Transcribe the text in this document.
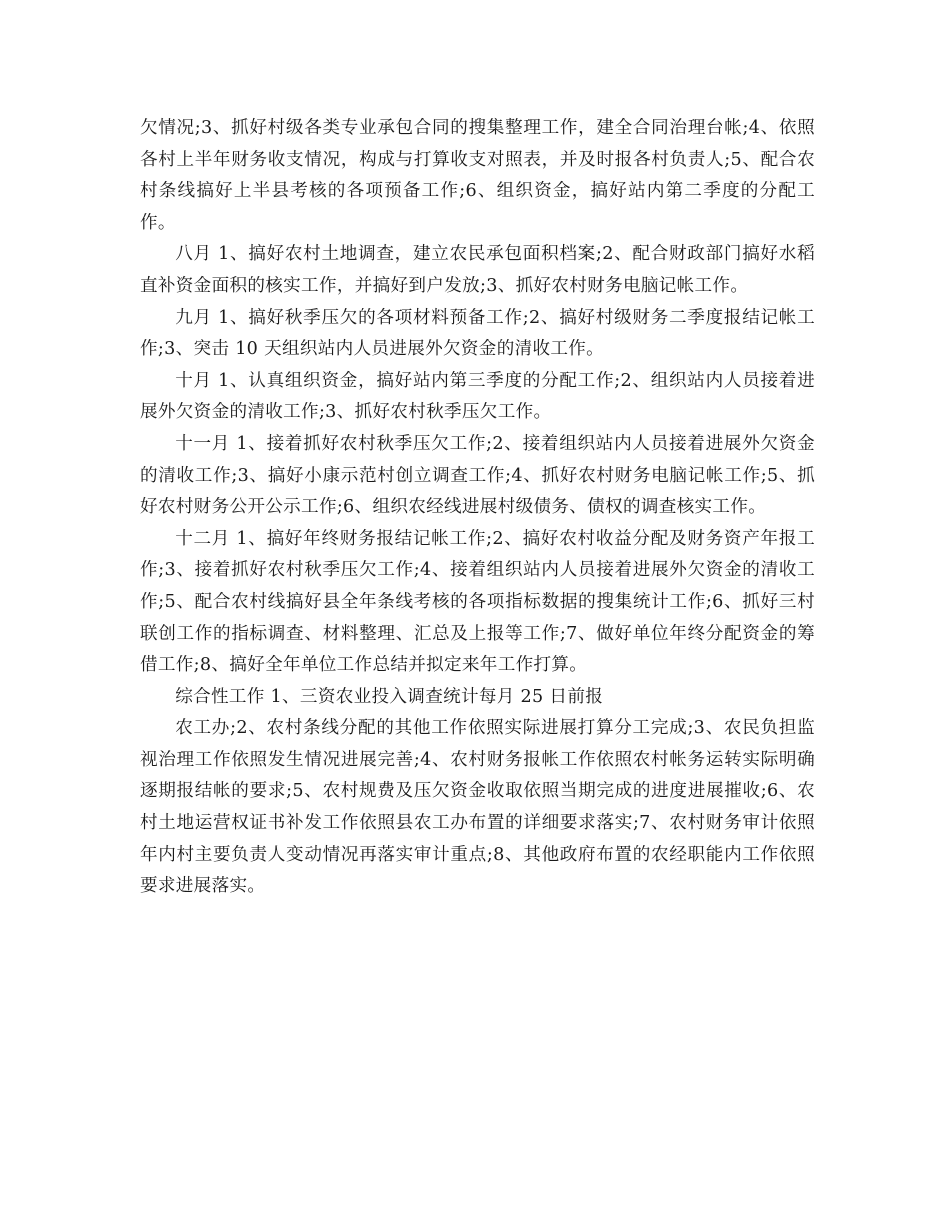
欠情况;3、抓好村级各类专业承包合同的搜集整理工作，建全合同治理台帐;4、依照各村上半年财务收支情况，构成与打算收支对照表，并及时报各村负责人;5、配合农村条线搞好上半县考核的各项预备工作;6、组织资金，搞好站内第二季度的分配工作。

八月 1、搞好农村土地调查，建立农民承包面积档案;2、配合财政部门搞好水稻直补资金面积的核实工作，并搞好到户发放;3、抓好农村财务电脑记帐工作。

九月 1、搞好秋季压欠的各项材料预备工作;2、搞好村级财务二季度报结记帐工作;3、突击 10 天组织站内人员进展外欠资金的清收工作。

十月 1、认真组织资金，搞好站内第三季度的分配工作;2、组织站内人员接着进展外欠资金的清收工作;3、抓好农村秋季压欠工作。

十一月 1、接着抓好农村秋季压欠工作;2、接着组织站内人员接着进展外欠资金的清收工作;3、搞好小康示范村创立调查工作;4、抓好农村财务电脑记帐工作;5、抓好农村财务公开公示工作;6、组织农经线进展村级债务、债权的调查核实工作。

十二月 1、搞好年终财务报结记帐工作;2、搞好农村收益分配及财务资产年报工作;3、接着抓好农村秋季压欠工作;4、接着组织站内人员接着进展外欠资金的清收工作;5、配合农村线搞好县全年条线考核的各项指标数据的搜集统计工作;6、抓好三村联创工作的指标调查、材料整理、汇总及上报等工作;7、做好单位年终分配资金的筹借工作;8、搞好全年单位工作总结并拟定来年工作打算。

综合性工作 1、三资农业投入调查统计每月 25 日前报

农工办;2、农村条线分配的其他工作依照实际进展打算分工完成;3、农民负担监视治理工作依照发生情况进展完善;4、农村财务报帐工作依照农村帐务运转实际明确逐期报结帐的要求;5、农村规费及压欠资金收取依照当期完成的进度进展摧收;6、农村土地运营权证书补发工作依照县农工办布置的详细要求落实;7、农村财务审计依照年内村主要负责人变动情况再落实审计重点;8、其他政府布置的农经职能内工作依照要求进展落实。
